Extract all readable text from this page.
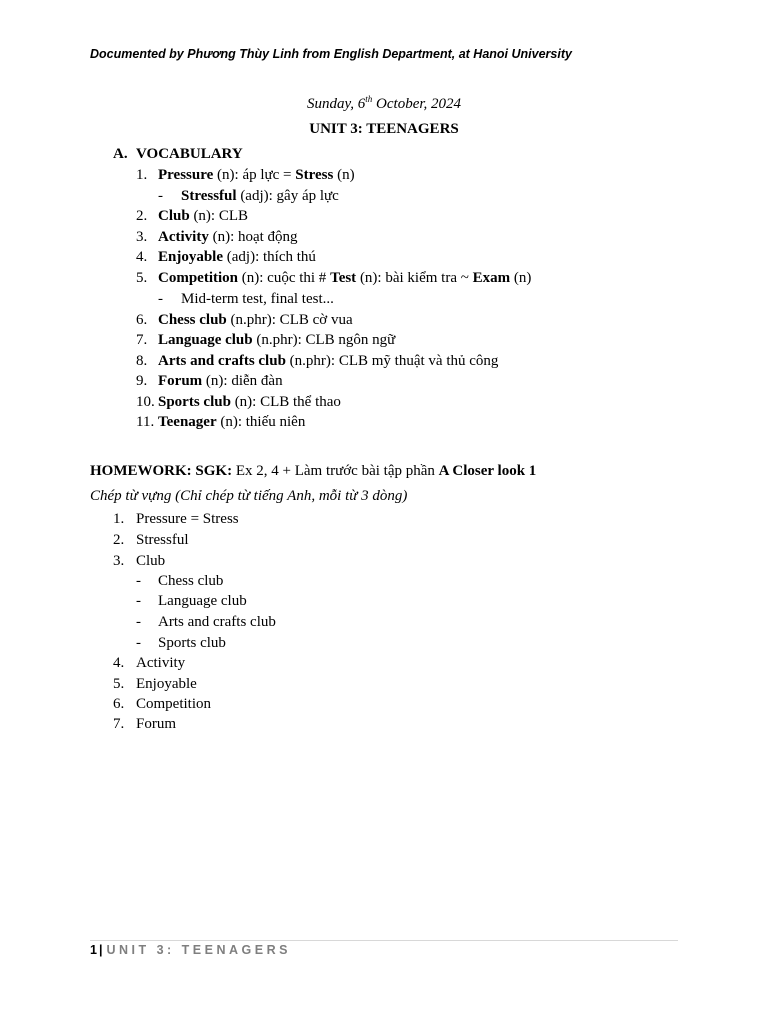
Documented by Phương Thùy Linh from English Department, at Hanoi University
Sunday, 6th October, 2024
UNIT 3: TEENAGERS
A. VOCABULARY
1. Pressure (n): áp lực = Stress (n)
- Stressful (adj): gây áp lực
2. Club (n): CLB
3. Activity (n): hoạt động
4. Enjoyable (adj): thích thú
5. Competition (n): cuộc thi # Test (n): bài kiểm tra ~ Exam (n)
- Mid-term test, final test...
6. Chess club (n.phr): CLB cờ vua
7. Language club (n.phr): CLB ngôn ngữ
8. Arts and crafts club (n.phr): CLB mỹ thuật và thủ công
9. Forum (n): diễn đàn
10. Sports club (n): CLB thể thao
11. Teenager (n): thiếu niên
HOMEWORK: SGK: Ex 2, 4 + Làm trước bài tập phần A Closer look 1
Chép từ vựng (Chỉ chép từ tiếng Anh, mỗi từ 3 dòng)
1. Pressure = Stress
2. Stressful
3. Club
- Chess club
- Language club
- Arts and crafts club
- Sports club
4. Activity
5. Enjoyable
6. Competition
7. Forum
1 | UNIT 3: TEENAGERS
